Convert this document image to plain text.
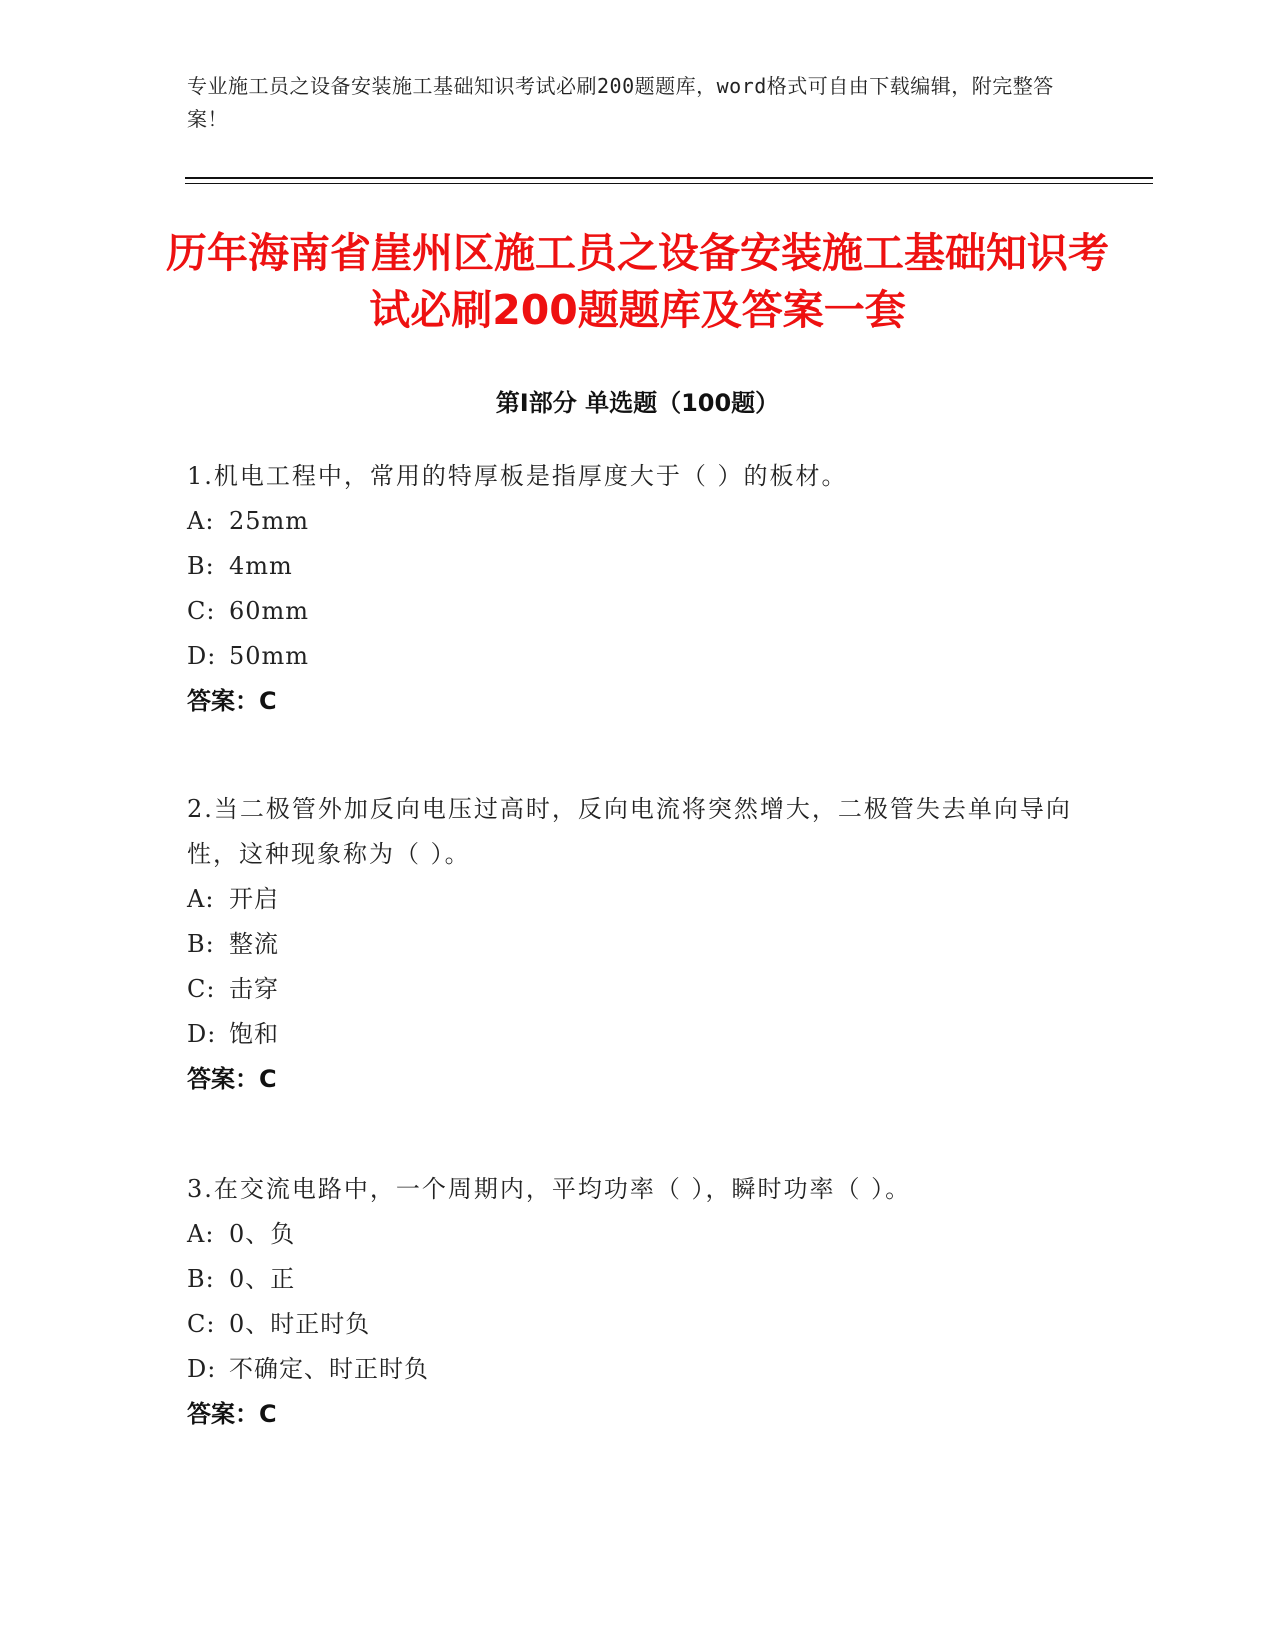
专业施工员之设备安装施工基础知识考试必刷200题题库，word格式可自由下载编辑，附完整答案！
历年海南省崖州区施工员之设备安装施工基础知识考试必刷200题题库及答案一套
第Ⅰ部分 单选题（100题）

1.机电工程中，常用的特厚板是指厚度大于（ ）的板材。

A: 25mm

B: 4mm

C: 60mm

D: 50mm

答案：C

2.当二极管外加反向电压过高时，反向电流将突然增大，二极管失去单向导向性，这种现象称为（ ）。

A: 开启

B: 整流

C: 击穿

D: 饱和

答案：C

3.在交流电路中，一个周期内，平均功率（ ），瞬时功率（ ）。

A: 0、负

B: 0、正

C: 0、时正时负

D: 不确定、时正时负

答案：C
